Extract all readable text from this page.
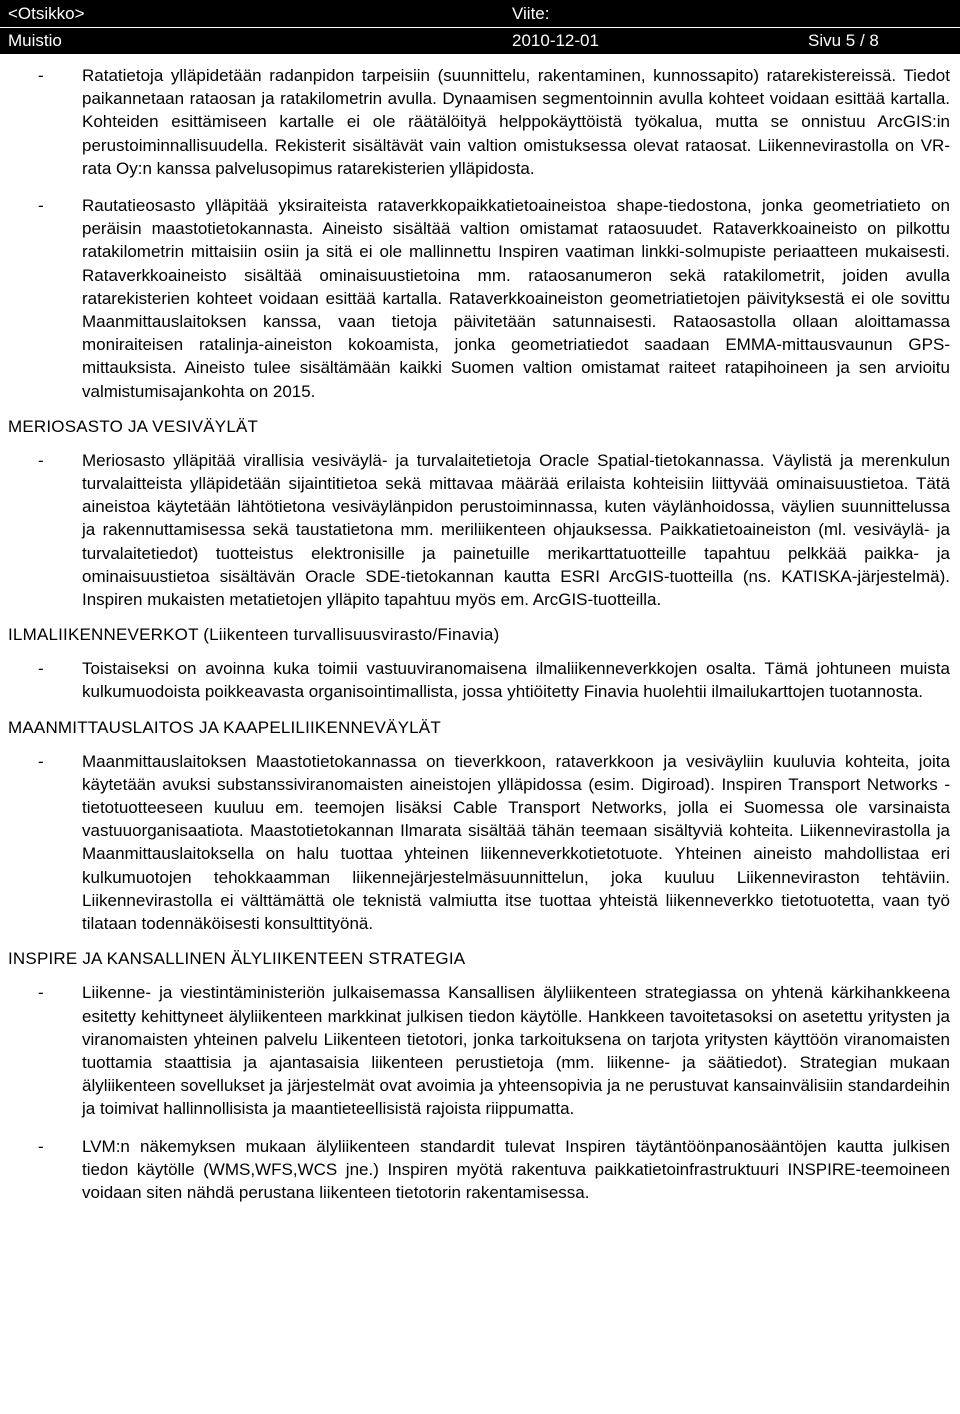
<Otsikko>	Viite:
Muistio	2010-12-01	Sivu 5 / 8
-	Ratatietoja ylläpidetään radanpidon tarpeisiin (suunnittelu, rakentaminen, kunnossapito) ratarekistereissä. Tiedot paikannetaan rataosan ja ratakilometrin avulla. Dynaamisen segmentoinnin avulla kohteet voidaan esittää kartalla. Kohteiden esittämiseen kartalle ei ole räätälöityä helppokäyttöistä työkalua, mutta se onnistuu ArcGIS:in perustoiminnallisuudella. Rekisterit sisältävät vain valtion omistuksessa olevat rataosat. Liikennevirastolla on VR-rata Oy:n kanssa palvelusopimus ratarekisterien ylläpidosta.
-	Rautatieosasto ylläpitää yksiraiteista rataverkkopaikkatietoaineistoa shape-tiedostona, jonka geometriatieto on peräisin maastotietokannasta. Aineisto sisältää valtion omistamat rataosuudet. Rataverkkoaineisto on pilkottu ratakilometrin mittaisiin osiin ja sitä ei ole mallinnettu Inspiren vaatiman linkki-solmupiste periaatteen mukaisesti. Rataverkkoaineisto sisältää ominaisuustietoina mm. rataosanumeron sekä ratakilometrit, joiden avulla ratarekisterien kohteet voidaan esittää kartalla. Rataverkkoaineiston geometriatietojen päivityksestä ei ole sovittu Maanmittauslaitoksen kanssa, vaan tietoja päivitetään satunnaisesti. Rataosastolla ollaan aloittamassa moniraiteisen ratalinja-aineiston kokoamista, jonka geometriatiedot saadaan EMMA-mittausvaunun GPS-mittauksista. Aineisto tulee sisältämään kaikki Suomen valtion omistamat raiteet ratapihoineen ja sen arvioitu valmistumisajankohta on 2015.
MERIOSASTO JA VESIVÄYLÄT
-	Meriosasto ylläpitää virallisia vesiväylä- ja turvalaitetietoja Oracle Spatial-tietokannassa. Väylistä ja merenkulun turvalaitteista ylläpidetään sijaintitietoa sekä mittavaa määrää erilaista kohteisiin liittyvää ominaisuustietoa. Tätä aineistoa käytetään lähtötietona vesiväylänpidon perustoiminnassa, kuten väylänhoidossa, väylien suunnittelussa ja rakennuttamisessa sekä taustatietona mm. meriliikenteen ohjauksessa. Paikkatietoaineiston (ml. vesiväylä- ja turvalaitetiedot) tuotteistus elektronisille ja painetuille merikarttatuotteille tapahtuu pelkkää paikka- ja ominaisuustietoa sisältävän Oracle SDE-tietokannan kautta ESRI ArcGIS-tuotteilla (ns. KATISKA-järjestelmä). Inspiren mukaisten metatietojen ylläpito tapahtuu myös em. ArcGIS-tuotteilla.
ILMALIIKENNEVERKOT (Liikenteen turvallisuusvirasto/Finavia)
-	Toistaiseksi on avoinna kuka toimii vastuuviranomaisena ilmaliikenneverkkojen osalta. Tämä johtuneen muista kulkumuodoista poikkeavasta organisointimallista, jossa yhtiöitetty Finavia huolehtii ilmailukarttojen tuotannosta.
MAANMITTAUSLAITOS JA KAAPELILIIKENNEVÄYLÄT
-	Maanmittauslaitoksen Maastotietokannassa on tieverkkoon, rataverkkoon ja vesiväyliin kuuluvia kohteita, joita käytetään avuksi substanssiviranomaisten aineistojen ylläpidossa (esim. Digiroad). Inspiren Transport Networks -tietotuotteeseen kuuluu em. teemojen lisäksi Cable Transport Networks, jolla ei Suomessa ole varsinaista vastuuorganisaatiota. Maastotietokannan Ilmarata sisältää tähän teemaan sisältyviä kohteita. Liikennevirastolla ja Maanmittauslaitoksella on halu tuottaa yhteinen liikenneverkkotietotuote. Yhteinen aineisto mahdollistaa eri kulkumuotojen tehokkaamman liikennejärjestelmäsuunnittelun, joka kuuluu Liikenneviraston tehtäviin. Liikennevirastolla ei välttämättä ole teknistä valmiutta itse tuottaa yhteistä liikenneverkko tietotuotetta, vaan työ tilataan todennäköisesti konsulttityönä.
INSPIRE JA KANSALLINEN ÄLYLIIKENTEEN STRATEGIA
-	Liikenne- ja viestintäministeriön julkaisemassa Kansallisen älyliikenteen strategiassa on yhtenä kärkihankkeena esitetty kehittyneet älyliikenteen markkinat julkisen tiedon käytölle. Hankkeen tavoitetasoksi on asetettu yritysten ja viranomaisten yhteinen palvelu Liikenteen tietotori, jonka tarkoituksena on tarjota yritysten käyttöön viranomaisten tuottamia staattisia ja ajantasaisia liikenteen perustietoja (mm. liikenne- ja säätiedot). Strategian mukaan älyliikenteen sovellukset ja järjestelmät ovat avoimia ja yhteensopivia ja ne perustuvat kansainvälisiin standardeihin ja toimivat hallinnollisista ja maantieteellisistä rajoista riippumatta.
-	LVM:n näkemyksen mukaan älyliikenteen standardit tulevat Inspiren täytäntöönpanosääntöjen kautta julkisen tiedon käytölle (WMS,WFS,WCS jne.) Inspiren myötä rakentuva paikkatietoinfrastruktuuri INSPIRE-teemoineen voidaan siten nähdä perustana liikenteen tietotorin rakentamisessa.
